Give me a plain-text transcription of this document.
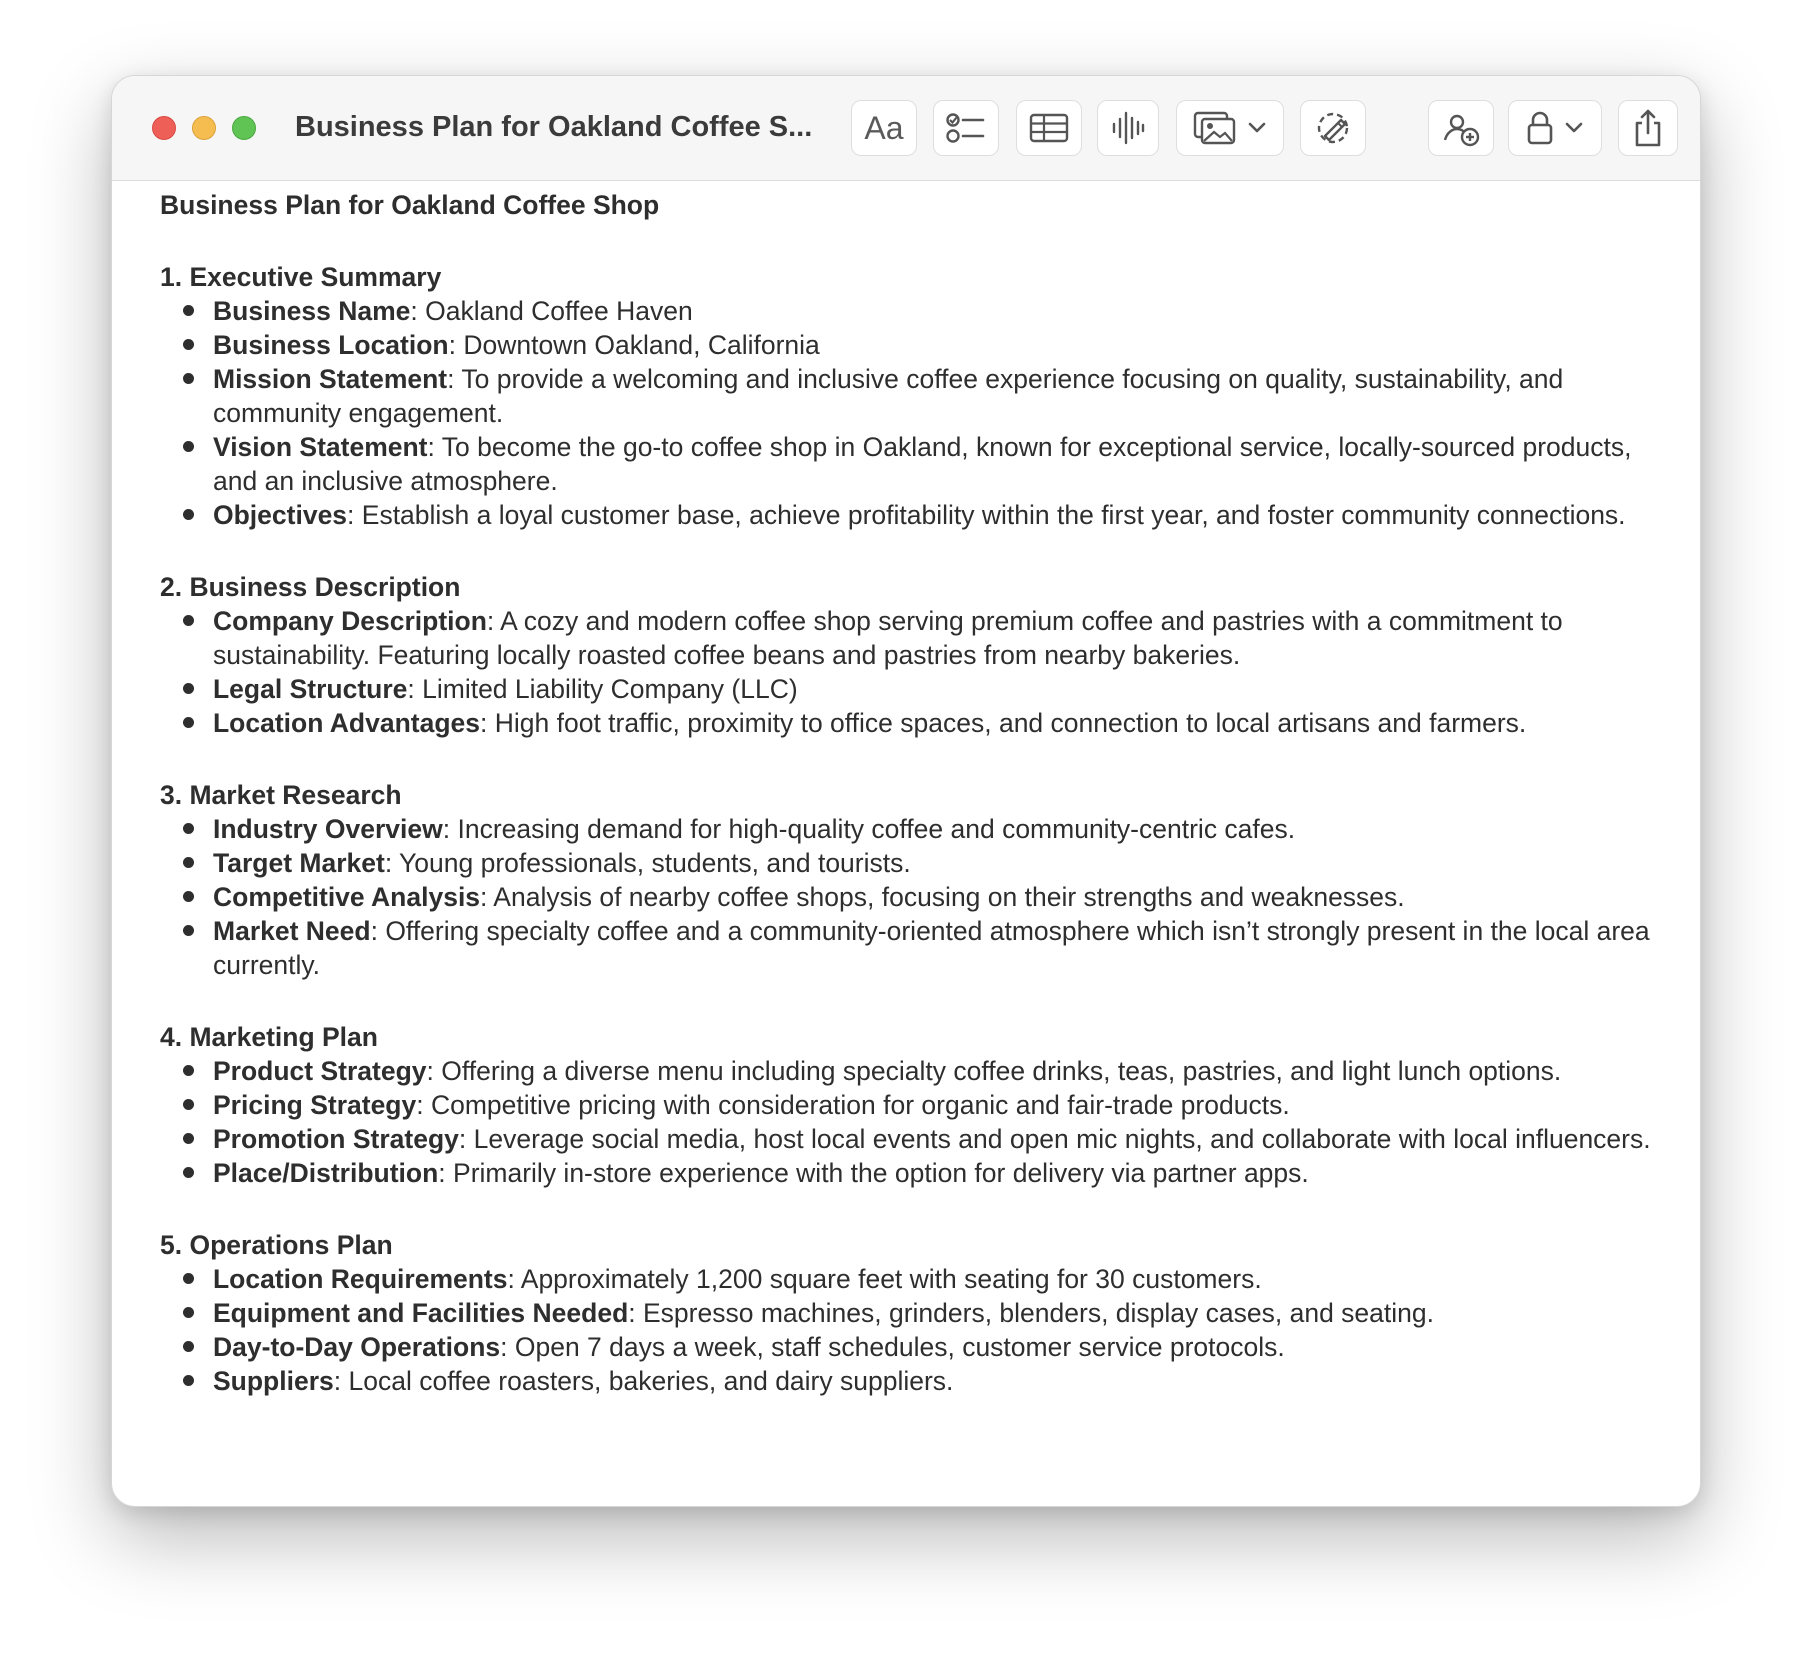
Business Plan for Oakland Coffee S...	Aa
Business Plan for Oakland Coffee Shop
1. Executive Summary
Business Name: Oakland Coffee Haven
Business Location: Downtown Oakland, California
Mission Statement: To provide a welcoming and inclusive coffee experience focusing on quality, sustainability, and community engagement.
Vision Statement: To become the go-to coffee shop in Oakland, known for exceptional service, locally-sourced products, and an inclusive atmosphere.
Objectives: Establish a loyal customer base, achieve profitability within the first year, and foster community connections.
2. Business Description
Company Description: A cozy and modern coffee shop serving premium coffee and pastries with a commitment to sustainability. Featuring locally roasted coffee beans and pastries from nearby bakeries.
Legal Structure: Limited Liability Company (LLC)
Location Advantages: High foot traffic, proximity to office spaces, and connection to local artisans and farmers.
3. Market Research
Industry Overview: Increasing demand for high-quality coffee and community-centric cafes.
Target Market: Young professionals, students, and tourists.
Competitive Analysis: Analysis of nearby coffee shops, focusing on their strengths and weaknesses.
Market Need: Offering specialty coffee and a community-oriented atmosphere which isn’t strongly present in the local area currently.
4. Marketing Plan
Product Strategy: Offering a diverse menu including specialty coffee drinks, teas, pastries, and light lunch options.
Pricing Strategy: Competitive pricing with consideration for organic and fair-trade products.
Promotion Strategy: Leverage social media, host local events and open mic nights, and collaborate with local influencers.
Place/Distribution: Primarily in-store experience with the option for delivery via partner apps.
5. Operations Plan
Location Requirements: Approximately 1,200 square feet with seating for 30 customers.
Equipment and Facilities Needed: Espresso machines, grinders, blenders, display cases, and seating.
Day-to-Day Operations: Open 7 days a week, staff schedules, customer service protocols.
Suppliers: Local coffee roasters, bakeries, and dairy suppliers.
